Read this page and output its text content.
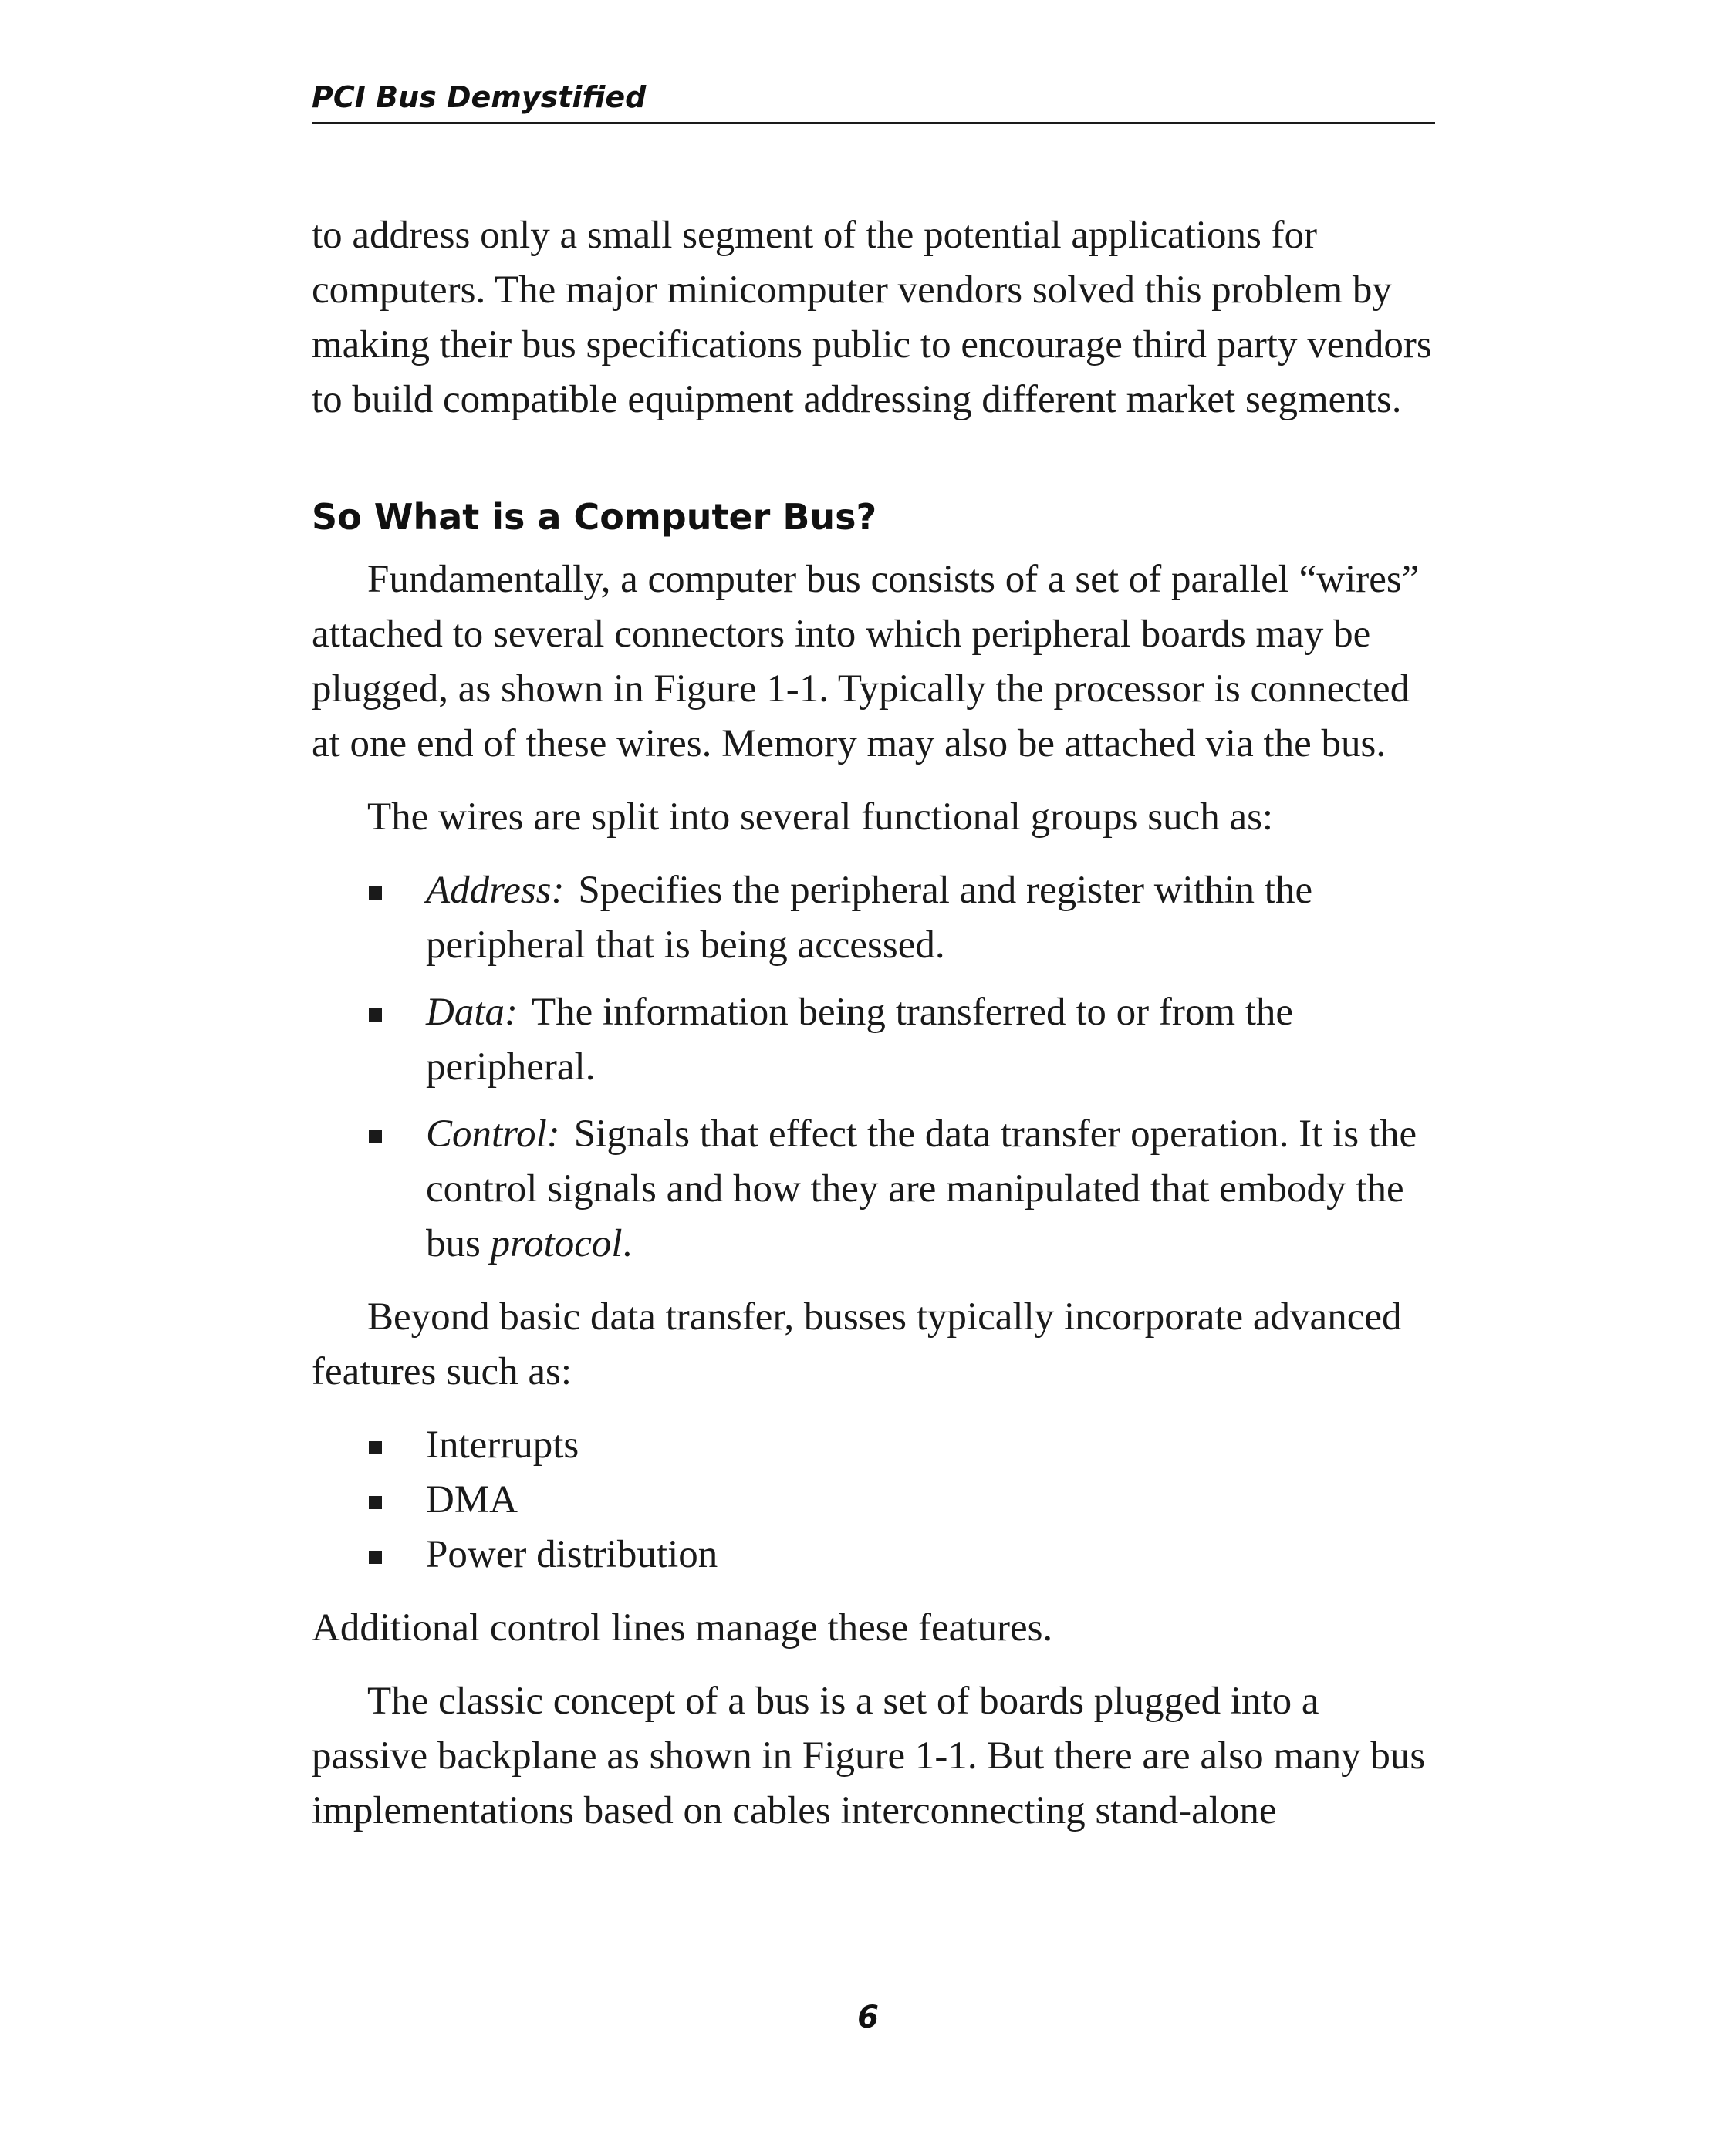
PCI Bus Demystified

to address only a small segment of the potential applications for computers. The major minicomputer vendors solved this problem by making their bus specifications public to encourage third party vendors to build compatible equipment addressing different market segments.

So What is a Computer Bus?

Fundamentally, a computer bus consists of a set of parallel “wires” attached to several connectors into which peripheral boards may be plugged, as shown in Figure 1-1. Typically the processor is connected at one end of these wires. Memory may also be attached via the bus.

The wires are split into several functional groups such as:

Address: Specifies the peripheral and register within the peripheral that is being accessed.
Data: The information being transferred to or from the peripheral.
Control: Signals that effect the data transfer operation. It is the control signals and how they are manipulated that embody the bus protocol.

Beyond basic data transfer, busses typically incorporate advanced features such as:

Interrupts
DMA
Power distribution

Additional control lines manage these features.

The classic concept of a bus is a set of boards plugged into a passive backplane as shown in Figure 1-1. But there are also many bus implementations based on cables interconnecting stand-alone

6
